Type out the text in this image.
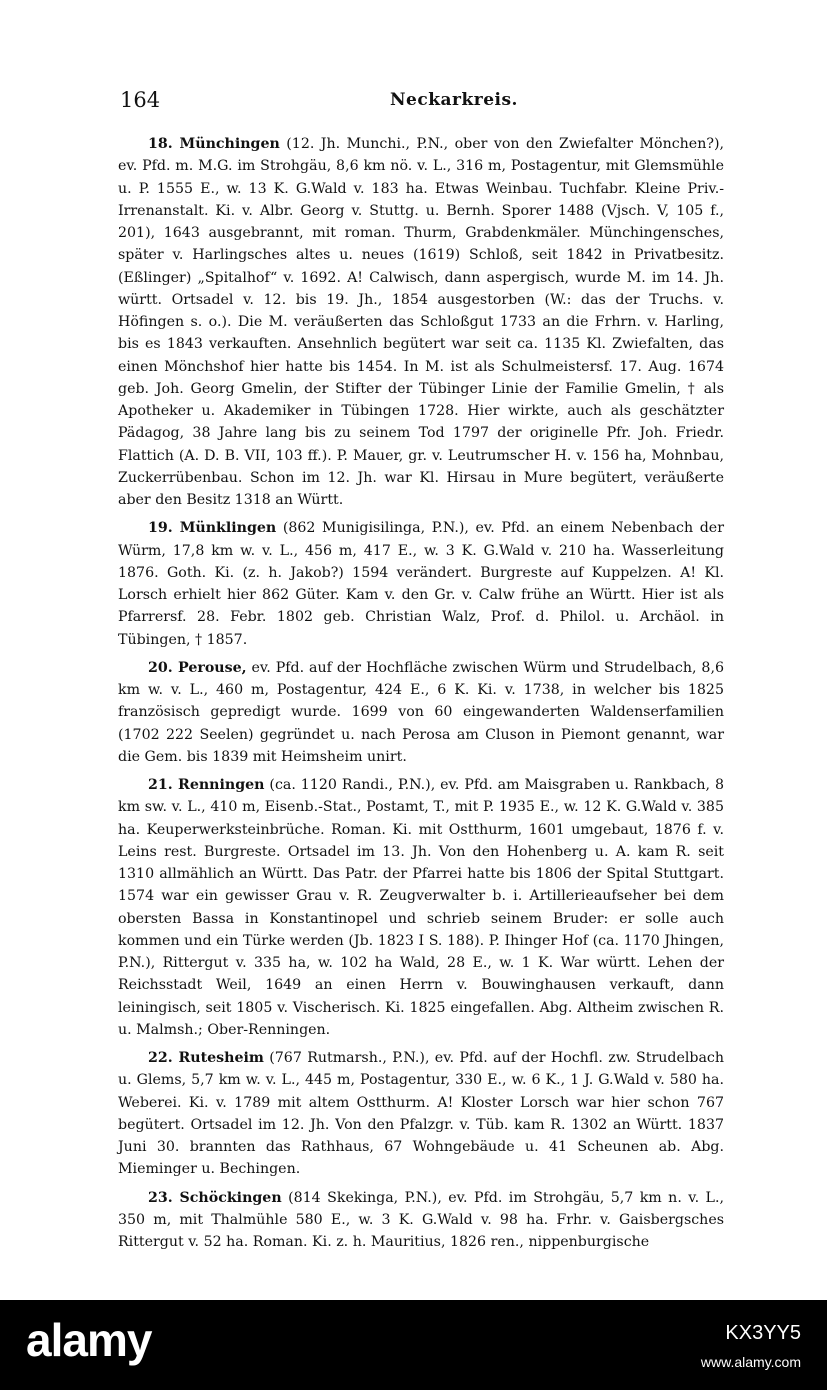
164	Neckarkreis.

18. Münchingen (12. Jh. Munchi., P.N., ober von den Zwiefalter Mönchen?), ev. Pfd. m. M.G. im Strohgäu, 8,6 km nö. v. L., 316 m, Postagentur, mit Glemsmühle u. P. 1555 E., w. 13 K. G.Wald v. 183 ha. Etwas Weinbau. Tuchfabr. Kleine Priv.-Irrenanstalt. Ki. v. Albr. Georg v. Stuttg. u. Bernh. Sporer 1488 (Vjsch. V, 105 f., 201), 1643 ausgebrannt, mit roman. Thurm, Grabdenkmäler. Münchingensches, später v. Harlingsches altes u. neues (1619) Schloß, seit 1842 in Privatbesitz. (Eßlinger) „Spitalhof“ v. 1692. A! Calwisch, dann aspergisch, wurde M. im 14. Jh. württ. Ortsadel v. 12. bis 19. Jh., 1854 ausgestorben (W.: das der Truchs. v. Höfingen s. o.). Die M. veräußerten das Schloßgut 1733 an die Frhrn. v. Harling, bis es 1843 verkauften. Ansehnlich begütert war seit ca. 1135 Kl. Zwiefalten, das einen Mönchshof hier hatte bis 1454. In M. ist als Schulmeistersf. 17. Aug. 1674 geb. Joh. Georg Gmelin, der Stifter der Tübinger Linie der Familie Gmelin, † als Apotheker u. Akademiker in Tübingen 1728. Hier wirkte, auch als geschätzter Pädagog, 38 Jahre lang bis zu seinem Tod 1797 der originelle Pfr. Joh. Friedr. Flattich (A. D. B. VII, 103 ff.). P. Mauer, gr. v. Leutrumscher H. v. 156 ha, Mohnbau, Zuckerrübenbau. Schon im 12. Jh. war Kl. Hirsau in Mure begütert, veräußerte aber den Besitz 1318 an Württ.

19. Münklingen (862 Munigisilinga, P.N.), ev. Pfd. an einem Nebenbach der Würm, 17,8 km w. v. L., 456 m, 417 E., w. 3 K. G.Wald v. 210 ha. Wasserleitung 1876. Goth. Ki. (z. h. Jakob?) 1594 verändert. Burgreste auf Kuppelzen. A! Kl. Lorsch erhielt hier 862 Güter. Kam v. den Gr. v. Calw frühe an Württ. Hier ist als Pfarrersf. 28. Febr. 1802 geb. Christian Walz, Prof. d. Philol. u. Archäol. in Tübingen, † 1857.

20. Perouse, ev. Pfd. auf der Hochfläche zwischen Würm und Strudelbach, 8,6 km w. v. L., 460 m, Postagentur, 424 E., 6 K. Ki. v. 1738, in welcher bis 1825 französisch gepredigt wurde. 1699 von 60 eingewanderten Waldenserfamilien (1702 222 Seelen) gegründet u. nach Perosa am Cluson in Piemont genannt, war die Gem. bis 1839 mit Heimsheim unirt.

21. Renningen (ca. 1120 Randi., P.N.), ev. Pfd. am Maisgraben u. Rankbach, 8 km sw. v. L., 410 m, Eisenb.-Stat., Postamt, T., mit P. 1935 E., w. 12 K. G.Wald v. 385 ha. Keuperwerksteinbrüche. Roman. Ki. mit Ostthurm, 1601 umgebaut, 1876 f. v. Leins rest. Burgreste. Ortsadel im 13. Jh. Von den Hohenberg u. A. kam R. seit 1310 allmählich an Württ. Das Patr. der Pfarrei hatte bis 1806 der Spital Stuttgart. 1574 war ein gewisser Grau v. R. Zeugverwalter b. i. Artillerieaufseher bei dem obersten Bassa in Konstantinopel und schrieb seinem Bruder: er solle auch kommen und ein Türke werden (Jb. 1823 I S. 188). P. Ihinger Hof (ca. 1170 Jhingen, P.N.), Rittergut v. 335 ha, w. 102 ha Wald, 28 E., w. 1 K. War württ. Lehen der Reichsstadt Weil, 1649 an einen Herrn v. Bouwinghausen verkauft, dann leiningisch, seit 1805 v. Vischerisch. Ki. 1825 eingefallen. Abg. Altheim zwischen R. u. Malmsh.; Ober-Renningen.

22. Rutesheim (767 Rutmarsh., P.N.), ev. Pfd. auf der Hochfl. zw. Strudelbach u. Glems, 5,7 km w. v. L., 445 m, Postagentur, 330 E., w. 6 K., 1 J. G.Wald v. 580 ha. Weberei. Ki. v. 1789 mit altem Ostthurm. A! Kloster Lorsch war hier schon 767 begütert. Ortsadel im 12. Jh. Von den Pfalzgr. v. Tüb. kam R. 1302 an Württ. 1837 Juni 30. brannten das Rathhaus, 67 Wohngebäude u. 41 Scheunen ab. Abg. Mieminger u. Bechingen.

23. Schöckingen (814 Skekinga, P.N.), ev. Pfd. im Strohgäu, 5,7 km n. v. L., 350 m, mit Thalmühle 580 E., w. 3 K. G.Wald v. 98 ha. Frhr. v. Gaisbergsches Rittergut v. 52 ha. Roman. Ki. z. h. Mauritius, 1826 ren., nippenburgische

alamy	KX3YY5
www.alamy.com
